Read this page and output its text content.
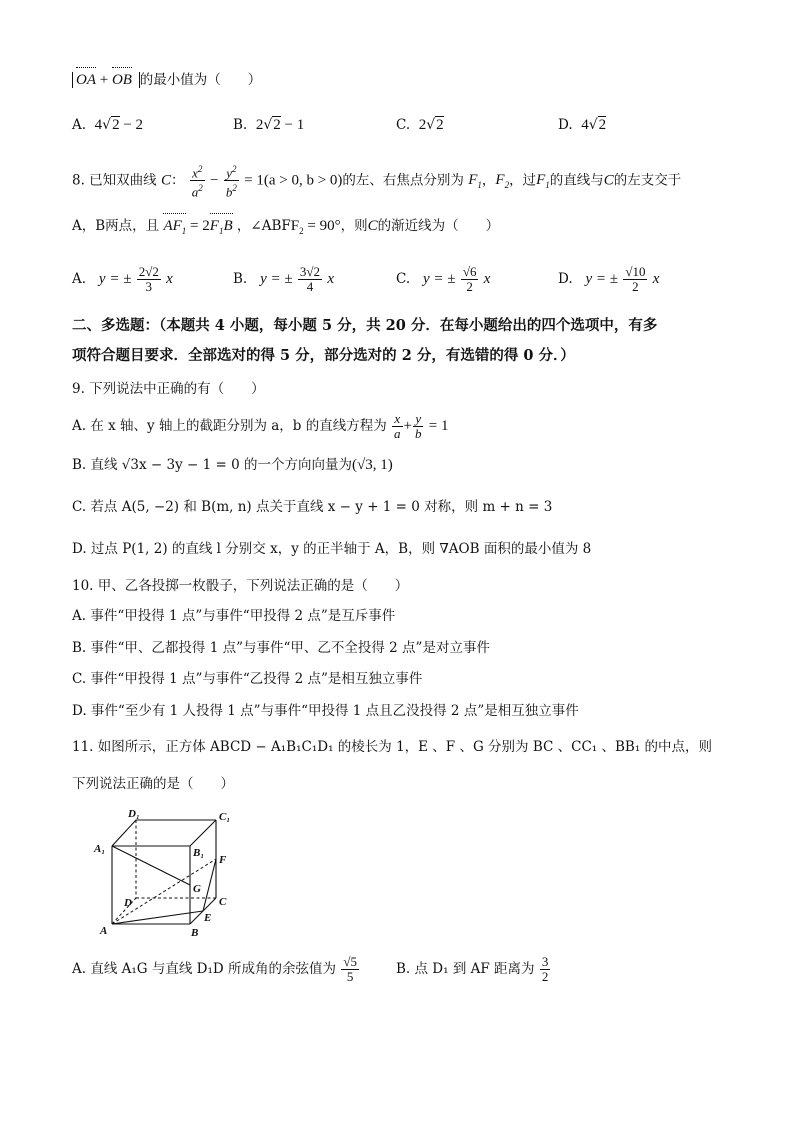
OA + OB 的最小值为（　　）
A. 4√2 − 2	B. 2√2 − 1	C. 2√2	D. 4√2
8. 已知双曲线 C： $\frac{x^2}{a^2} - \frac{y^2}{b^2} = 1(a > 0$, b > 0)的左、右焦点分别为 $F_1$，$F_2$，过$F_1$的直线与C的左支交于
A，B两点，且 $AF_1 = 2F_1B$ ，$\angle ABFF_2 = 90^\circ$，则C的渐近线为（　　）
A. y = ± $\frac{2√2}{3}$ x	B. y = ± $\frac{3√2}{4}$ x	C. y = ± $\frac{√6}{2}$ x	D. y = ± $\frac{√10}{2}$ x
二、多选题：（本题共 4 小题，每小题 5 分，共 20 分．在每小题给出的四个选项中，有多
项符合题目要求．全部选对的得 5 分，部分选对的 2 分，有选错的得 0 分．）
9. 下列说法中正确的有（　　）
A. 在 x 轴、y 轴上的截距分别为 a，b 的直线方程为 $\frac{x}{a} + \frac{y}{b} = 1$
B. 直线 √3x − 3y − 1 = 0 的一个方向向量为(√3, 1)
C. 若点 A(5, −2) 和 B(m, n) 点关于直线 x − y + 1 = 0 对称，则 m + n = 3
D. 过点 P(1, 2) 的直线 l 分别交 x，y 的正半轴于 A，B，则 ∇AOB 面积的最小值为 8
10. 甲、乙各投掷一枚骰子，下列说法正确的是（　　）
A. 事件“甲投得 1 点”与事件“甲投得 2 点”是互斥事件
B. 事件“甲、乙都投得 1 点”与事件“甲、乙不全投得 2 点”是对立事件
C. 事件“甲投得 1 点”与事件“乙投得 2 点”是相互独立事件
D. 事件“至少有 1 人投得 1 点”与事件“甲投得 1 点且乙没投得 2 点”是相互独立事件
11. 如图所示，正方体 ABCD − A₁B₁C₁D₁ 的棱长为 1，E 、F 、G 分别为 BC 、CC₁ 、BB₁ 的中点，则
下列说法正确的是（　　）
D₁	C₁
A₁	B₁
F
G
D	C
E
A	B
A. 直线 A₁G 与直线 D₁D 所成角的余弦值为 $\frac{√5}{5}$	B. 点 D₁ 到 AF 距离为 $\frac{3}{2}$
